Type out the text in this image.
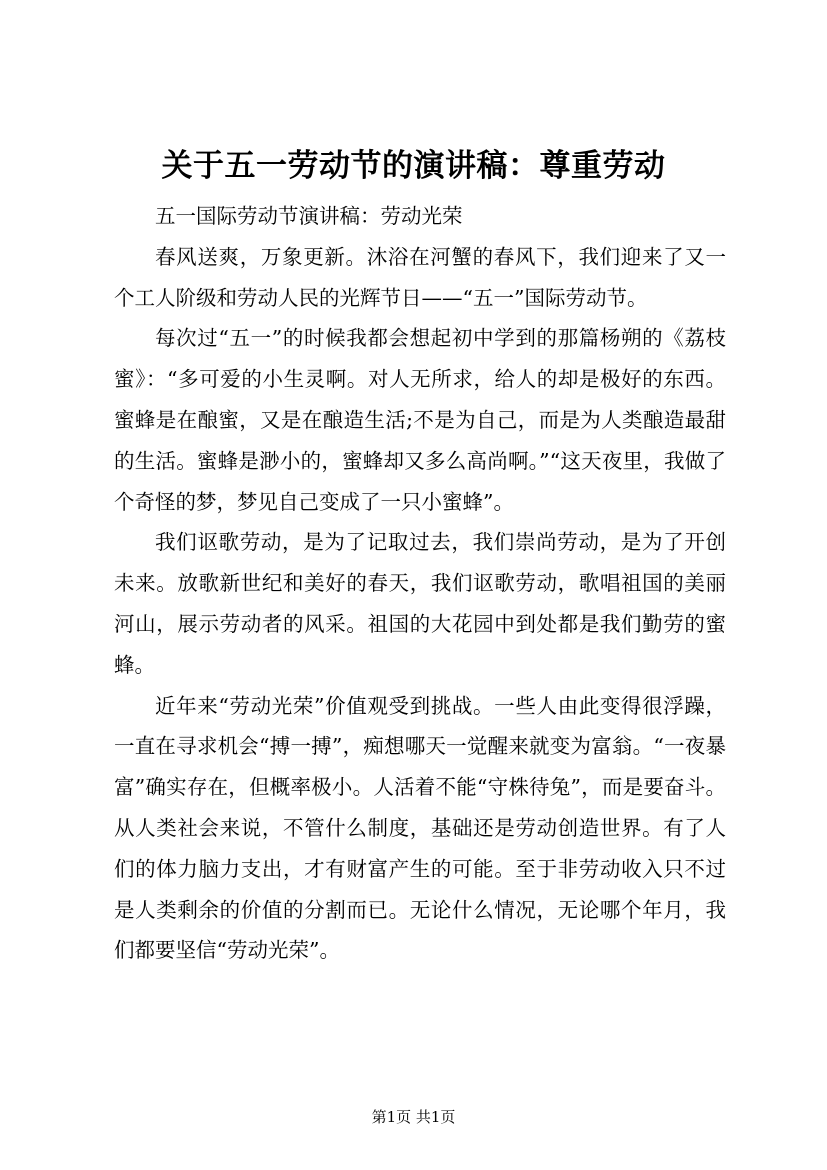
关于五一劳动节的演讲稿：尊重劳动

五一国际劳动节演讲稿：劳动光荣

春风送爽，万象更新。沐浴在河蟹的春风下，我们迎来了又一个工人阶级和劳动人民的光辉节日——“五一”国际劳动节。

每次过“五一”的时候我都会想起初中学到的那篇杨朔的《荔枝蜜》：“多可爱的小生灵啊。对人无所求，给人的却是极好的东西。蜜蜂是在酿蜜，又是在酿造生活;不是为自己，而是为人类酿造最甜的生活。蜜蜂是渺小的，蜜蜂却又多么高尚啊。”“这天夜里，我做了个奇怪的梦，梦见自己变成了一只小蜜蜂”。

我们讴歌劳动，是为了记取过去，我们崇尚劳动，是为了开创未来。放歌新世纪和美好的春天，我们讴歌劳动，歌唱祖国的美丽河山，展示劳动者的风采。祖国的大花园中到处都是我们勤劳的蜜蜂。

近年来“劳动光荣”价值观受到挑战。一些人由此变得很浮躁，一直在寻求机会“搏一搏”，痴想哪天一觉醒来就变为富翁。“一夜暴富”确实存在，但概率极小。人活着不能“守株待兔”，而是要奋斗。从人类社会来说，不管什么制度，基础还是劳动创造世界。有了人们的体力脑力支出，才有财富产生的可能。至于非劳动收入只不过是人类剩余的价值的分割而已。无论什么情况，无论哪个年月，我们都要坚信“劳动光荣”。

第1页 共1页
